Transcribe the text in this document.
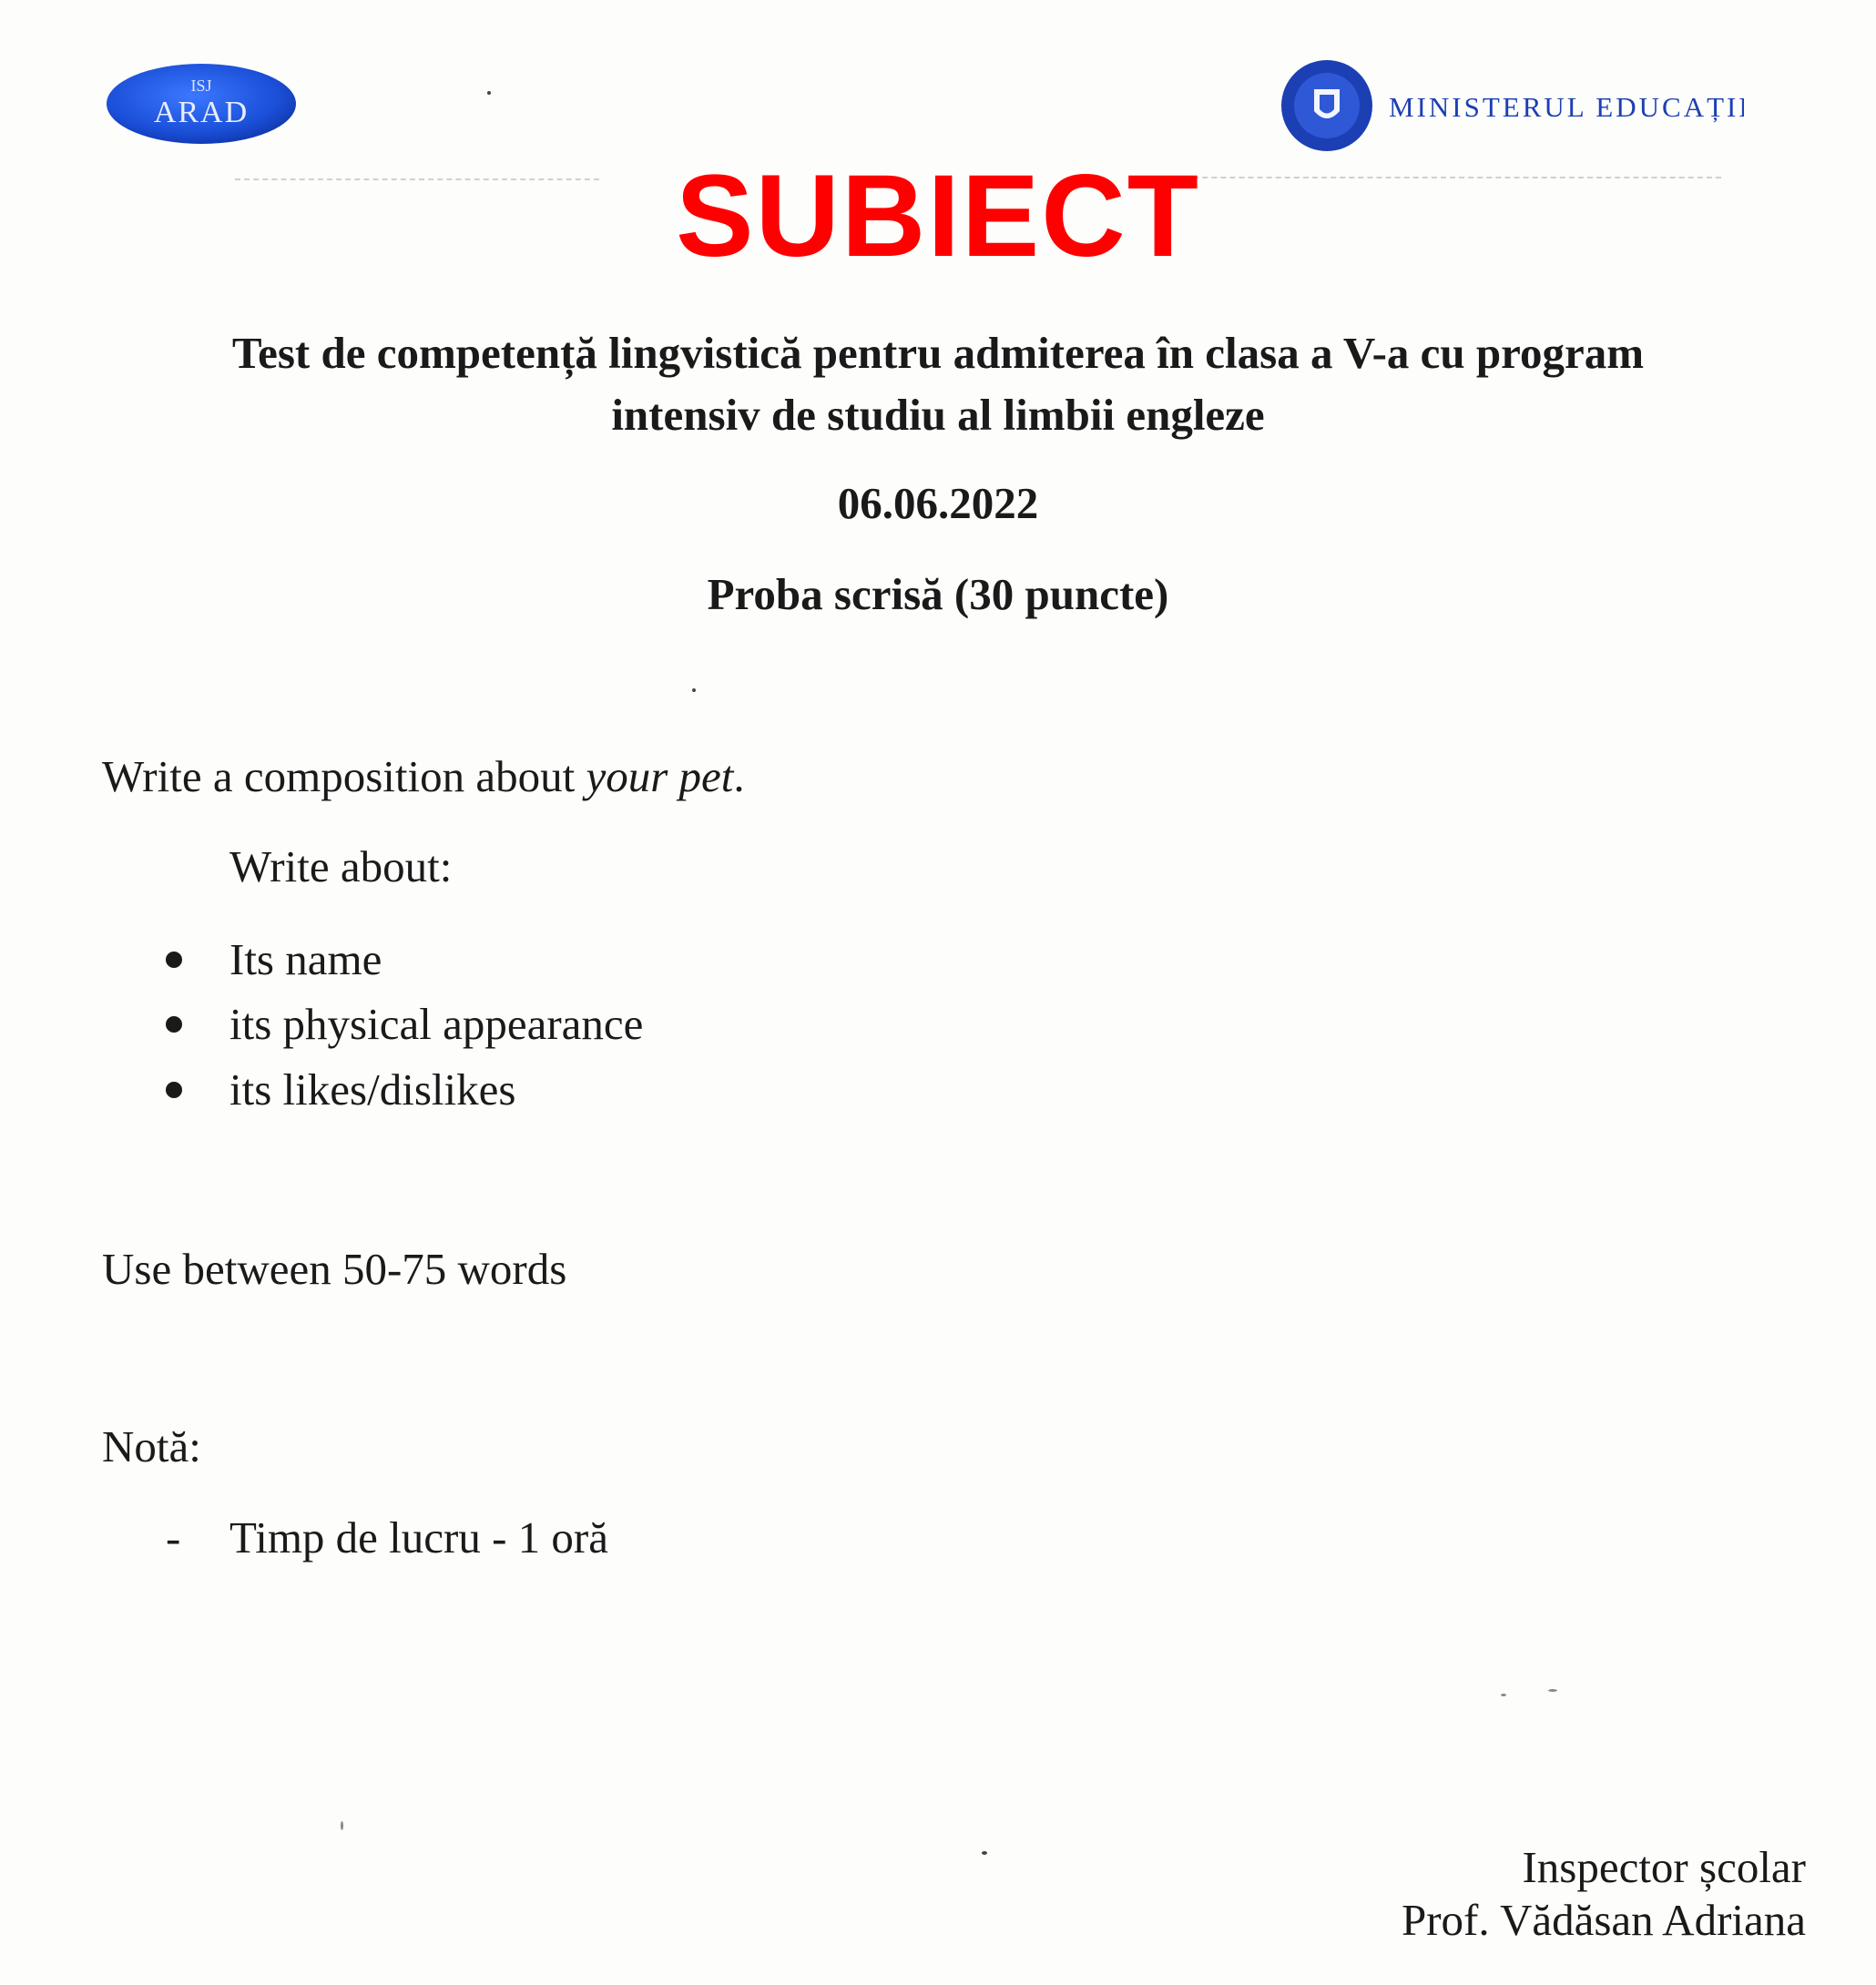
ISJ
ARAD	MINISTERUL EDUCAȚIEI
SUBIECT
Test de competență lingvistică pentru admiterea în clasa a V-a cu program
intensiv de studiu al limbii engleze
06.06.2022
Proba scrisă (30 puncte)
Write a composition about your pet.
Write about:
Its name
its physical appearance
its likes/dislikes
Use between 50-75 words
Notă:
- Timp de lucru - 1 oră
Inspector școlar
Prof. Vădăsan Adriana
